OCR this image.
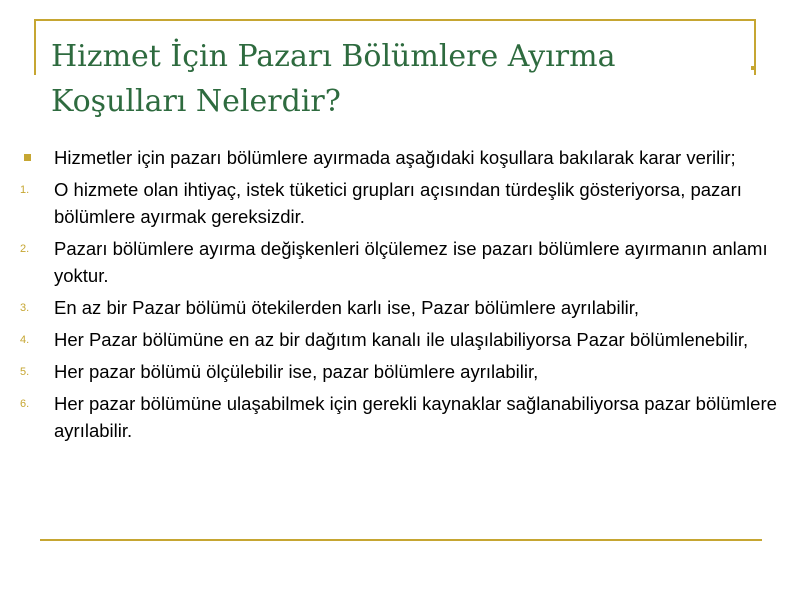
Hizmet İçin Pazarı Bölümlere Ayırma Koşulları Nelerdir?
Hizmetler için pazarı bölümlere ayırmada aşağıdaki koşullara bakılarak karar verilir;
1. O hizmete olan ihtiyaç, istek tüketici grupları açısından türdeşlik gösteriyorsa, pazarı bölümlere ayırmak gereksizdir.
2. Pazarı bölümlere ayırma değişkenleri ölçülemez ise pazarı bölümlere ayırmanın anlamı yoktur.
3. En az bir Pazar bölümü ötekilerden karlı ise, Pazar bölümlere ayrılabilir,
4. Her Pazar bölümüne en az bir dağıtım kanalı ile ulaşılabiliyorsa Pazar bölümlenebilir,
5. Her pazar bölümü ölçülebilir ise, pazar bölümlere ayrılabilir,
6. Her pazar bölümüne ulaşabilmek için gerekli kaynaklar sağlanabiliyorsa pazar bölümlere ayrılabilir.
